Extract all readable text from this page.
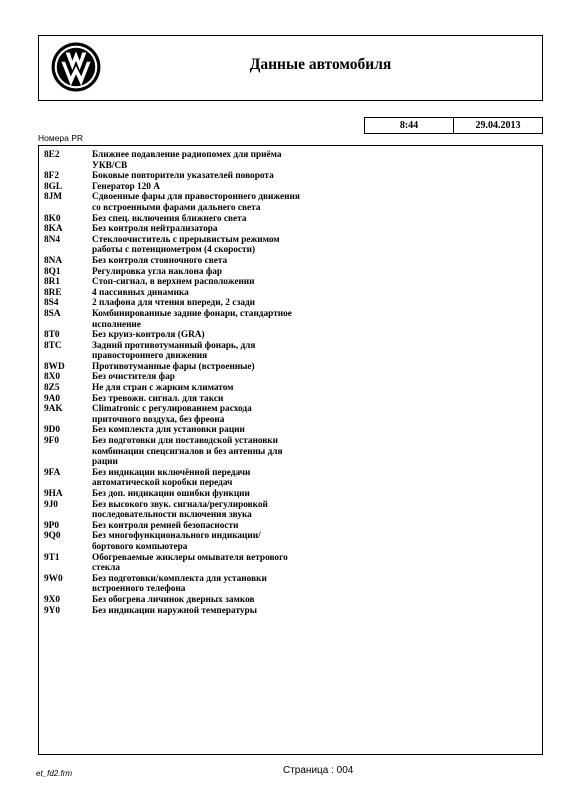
Данные автомобиля
8:44	29.04.2013
Номера PR
8E2	Ближнее подавление радиопомех для приёма УКВ/СВ
8F2	Боковые повторители указателей поворота
8GL	Генератор 120 А
8JM	Сдвоенные фары для правостороннего движения со встроенными фарами дальнего света
8K0	Без спец. включения ближнего света
8KA	Без контроля нейтрализатора
8N4	Стеклоочиститель с прерывистым режимом работы с потенциометром (4 скорости)
8NA	Без контроля стояночного света
8Q1	Регулировка угла наклона фар
8R1	Стоп-сигнал, в верхнем расположении
8RE	4 пассивных динамика
8S4	2 плафона для чтения впереди, 2 сзади
8SA	Комбинированные задние фонари, стандартное исполнение
8T0	Без круиз-контроля (GRA)
8TC	Задний противотуманный фонарь, для правостороннего движения
8WD	Противотуманные фары (встроенные)
8X0	Без очистителя фар
8Z5	Не для стран с жарким климатом
9A0	Без тревожн. сигнал. для такси
9AK	Climatronic с регулированием расхода приточного воздуха, без фреона
9D0	Без комплекта для установки рации
9F0	Без подготовки для поставодской установки комбинации спецсигналов и без антенны для рации
9FA	Без индикации включённой передачи автоматической коробки передач
9HA	Без доп. индикации ошибки функции
9J0	Без высокого звук. сигнала/регулировкой последовательности включения звука
9P0	Без контроля ремней безопасности
9Q0	Без многофункционального индикации/бортового компьютера
9T1	Обогреваемые жиклеры омывателя ветрового стекла
9W0	Без подготовки/комплекта для установки встроенного телефона
9X0	Без обогрева личинок дверных замков
9Y0	Без индикации наружной температуры
et_fd2.frm	Страница : 004
